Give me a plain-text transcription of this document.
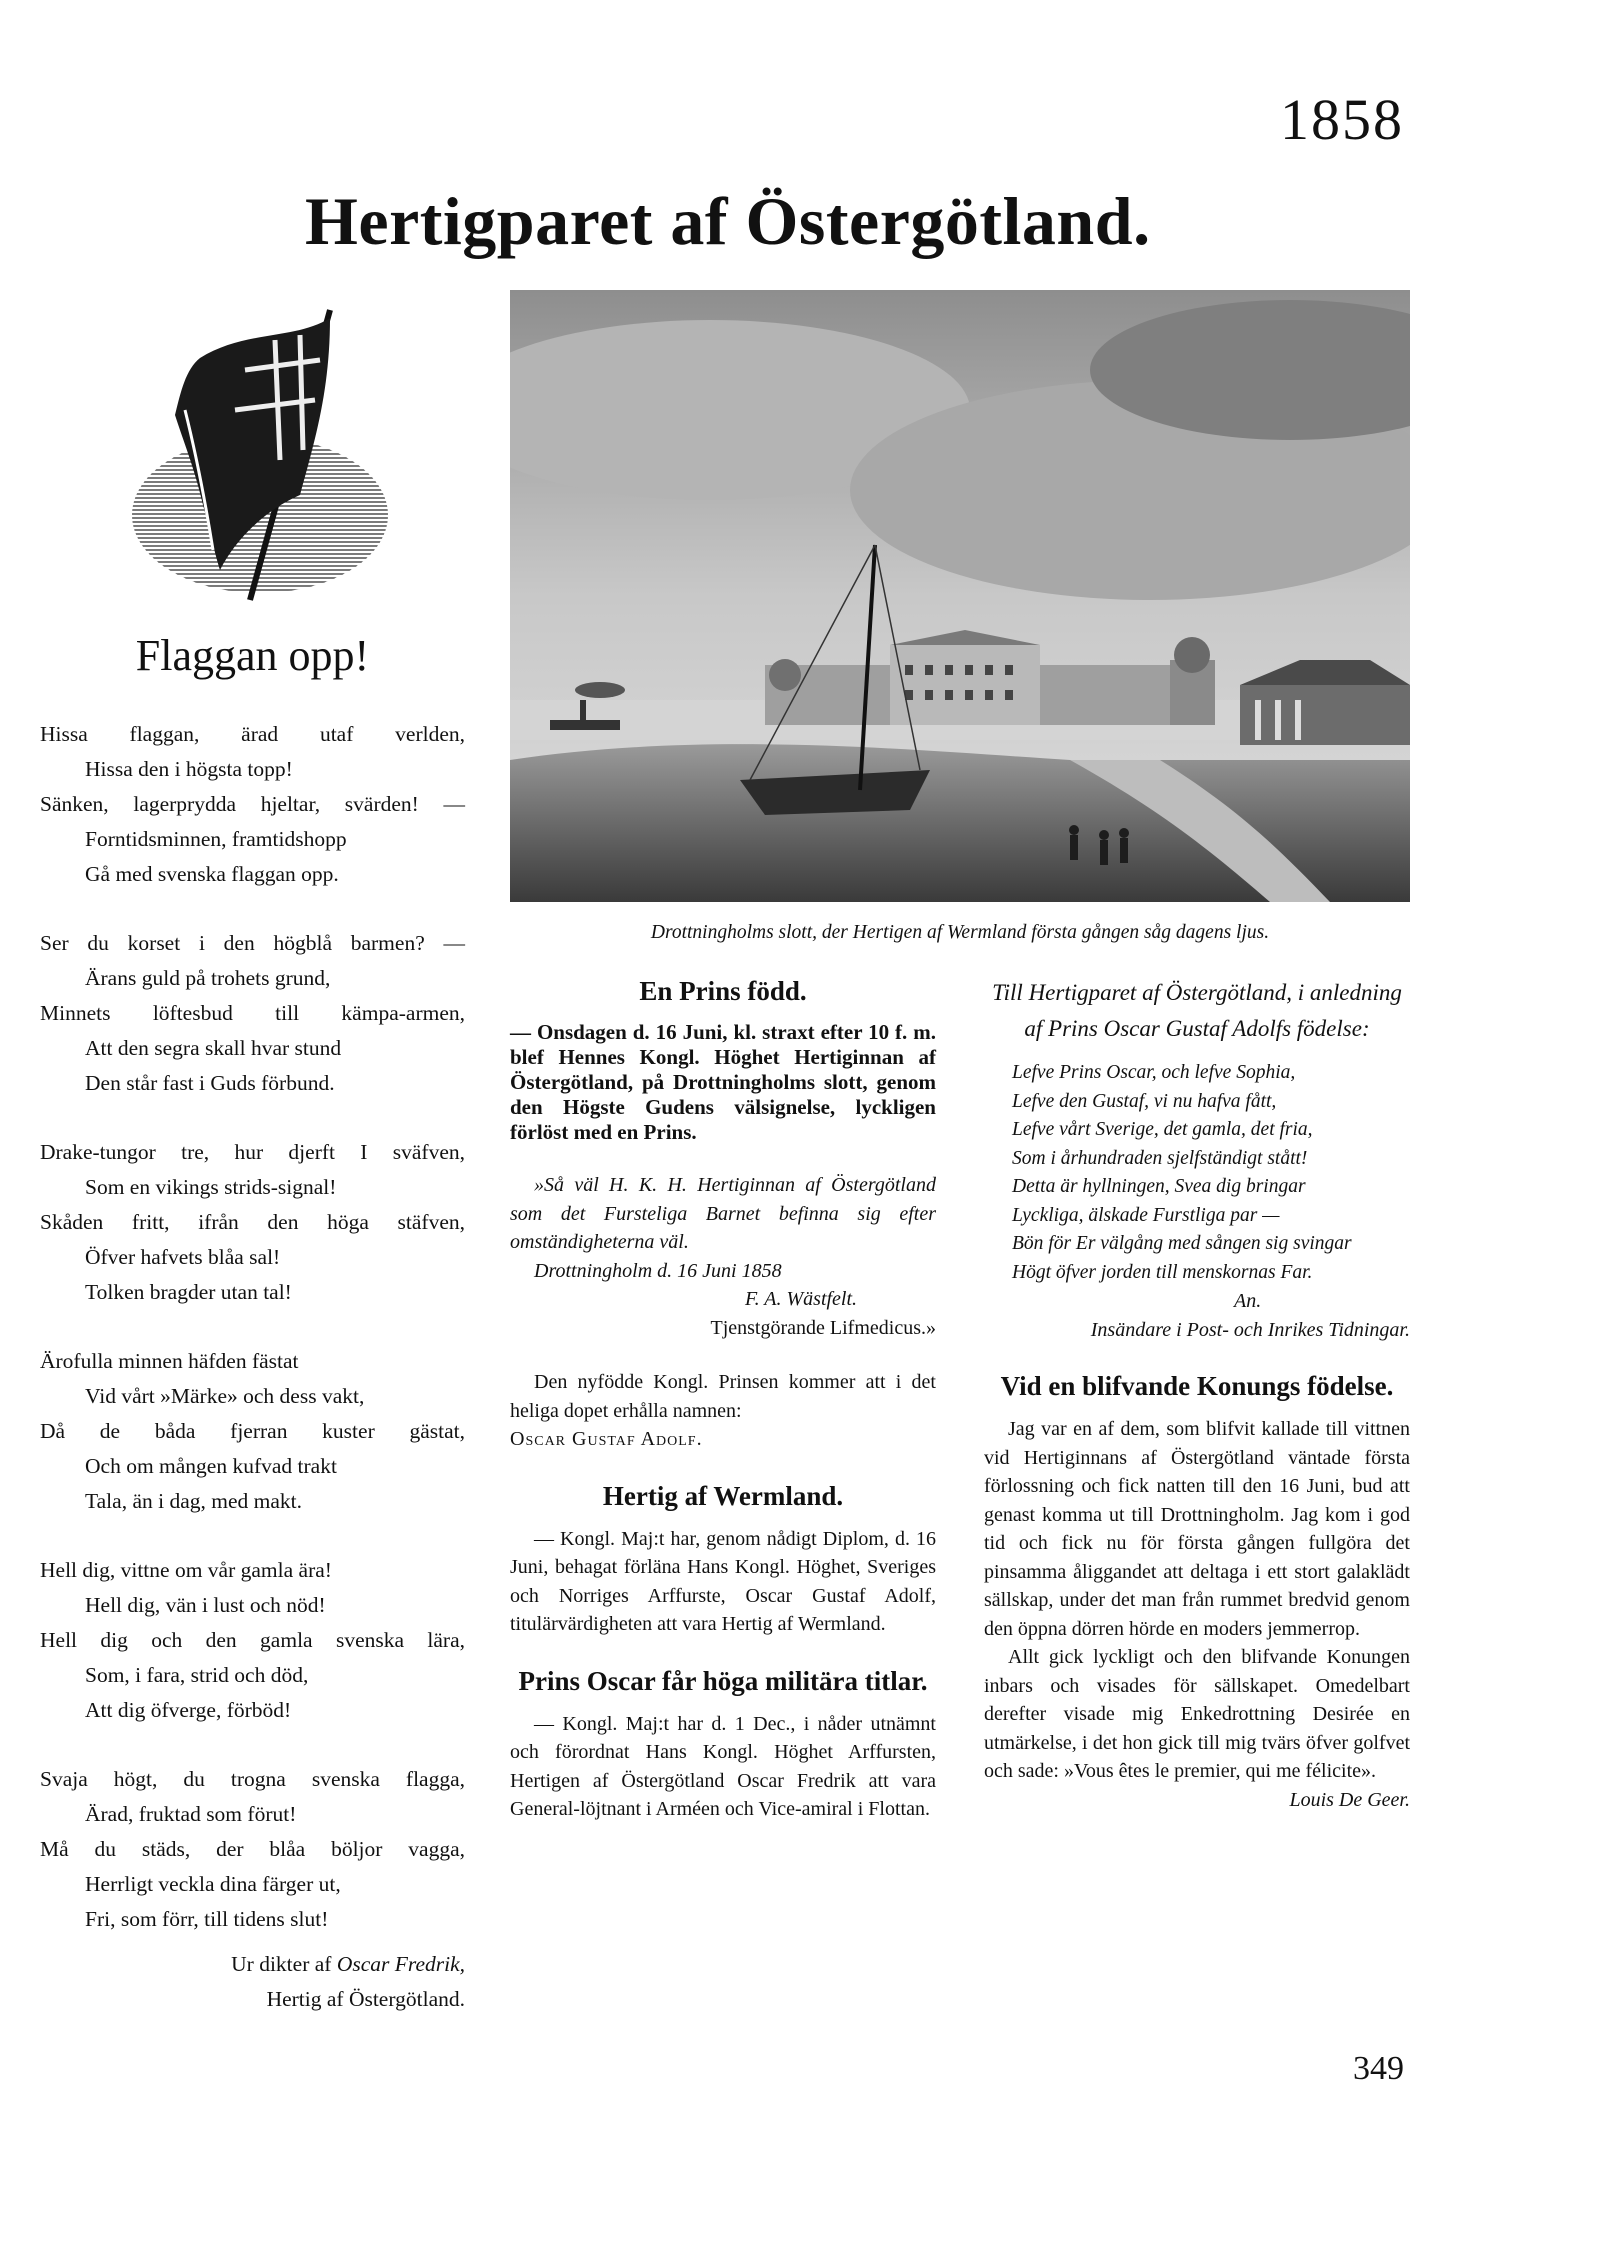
1858
Hertigparet af Östergötland.
Flaggan opp!
Hissa flaggan, ärad utaf verlden,
Hissa den i högsta topp!
Sänken, lagerprydda hjeltar, svärden! —
Forntidsminnen, framtidshopp
Gå med svenska flaggan opp.
Ser du korset i den högblå barmen? —
Ärans guld på trohets grund,
Minnets löftesbud till kämpa-armen,
Att den segra skall hvar stund
Den står fast i Guds förbund.
Drake-tungor tre, hur djerft I sväfven,
Som en vikings strids-signal!
Skåden fritt, ifrån den höga stäfven,
Öfver hafvets blåa sal!
Tolken bragder utan tal!
Ärofulla minnen häfden fästat
Vid vårt »Märke» och dess vakt,
Då de båda fjerran kuster gästat,
Och om mången kufvad trakt
Tala, än i dag, med makt.
Hell dig, vittne om vår gamla ära!
Hell dig, vän i lust och nöd!
Hell dig och den gamla svenska lära,
Som, i fara, strid och död,
Att dig öfverge, förböd!
Svaja högt, du trogna svenska flagga,
Ärad, fruktad som förut!
Må du städs, der blåa böljor vagga,
Herrligt veckla dina färger ut,
Fri, som förr, till tidens slut!
Ur dikter af Oscar Fredrik,
Hertig af Östergötland.
Drottningholms slott, der Hertigen af Wermland första gången såg dagens ljus.
En Prins född.
— Onsdagen d. 16 Juni, kl. straxt efter 10 f. m. blef Hennes Kongl. Höghet Hertiginnan af Östergötland, på Drottningholms slott, genom den Högste Gudens välsignelse, lyckligen förlöst med en Prins.
»Så väl H. K. H. Hertiginnan af Östergötland som det Fursteliga Barnet befinna sig efter omständigheterna väl.
Drottningholm d. 16 Juni 1858
F. A. Wästfelt.
Tjenstgörande Lifmedicus.»
Den nyfödde Kongl. Prinsen kommer att i det heliga dopet erhålla namnen:
Oscar Gustaf Adolf.
Hertig af Wermland.
— Kongl. Maj:t har, genom nådigt Diplom, d. 16 Juni, behagat förläna Hans Kongl. Höghet, Sveriges och Norriges Arffurste, Oscar Gustaf Adolf, titulärvärdigheten att vara Hertig af Wermland.
Prins Oscar får höga militära titlar.
— Kongl. Maj:t har d. 1 Dec., i nåder utnämnt och förordnat Hans Kongl. Höghet Arffursten, Hertigen af Östergötland Oscar Fredrik att vara General-löjtnant i Arméen och Vice-amiral i Flottan.
Till Hertigparet af Östergötland, i anledning af Prins Oscar Gustaf Adolfs födelse:
Lefve Prins Oscar, och lefve Sophia,
Lefve den Gustaf, vi nu hafva fått,
Lefve vårt Sverige, det gamla, det fria,
Som i århundraden sjelfständigt stått!
Detta är hyllningen, Svea dig bringar
Lyckliga, älskade Furstliga par —
Bön för Er välgång med sången sig svingar
Högt öfver jorden till menskornas Far.
An.
Insändare i Post- och Inrikes Tidningar.
Vid en blifvande Konungs födelse.
Jag var en af dem, som blifvit kallade till vittnen vid Hertiginnans af Östergötland väntade första förlossning och fick natten till den 16 Juni, bud att genast komma ut till Drottningholm. Jag kom i god tid och fick nu för första gången fullgöra det pinsamma åliggandet att deltaga i ett stort galaklädt sällskap, under det man från rummet bredvid genom den öppna dörren hörde en moders jemmerrop.
Allt gick lyckligt och den blifvande Konungen inbars och visades för sällskapet. Omedelbart derefter visade mig Enkedrottning Desirée en utmärkelse, i det hon gick till mig tvärs öfver golfvet och sade: »Vous êtes le premier, qui me félicite».
Louis De Geer.
349
